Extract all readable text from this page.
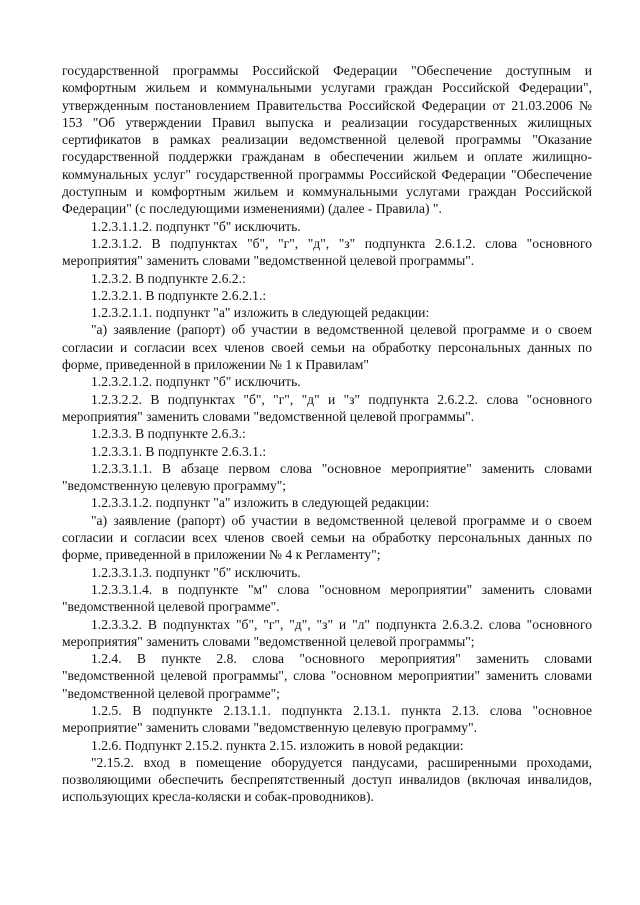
государственной программы Российской Федерации "Обеспечение доступным и комфортным жильем и коммунальными услугами граждан Российской Федерации", утвержденным постановлением Правительства Российской Федерации от 21.03.2006 № 153 "Об утверждении Правил выпуска и реализации государственных жилищных сертификатов в рамках реализации ведомственной целевой программы "Оказание государственной поддержки гражданам в обеспечении жильем и оплате жилищно-коммунальных услуг" государственной программы Российской Федерации "Обеспечение доступным и комфортным жильем и коммунальными услугами граждан Российской Федерации" (с последующими изменениями) (далее - Правила) ".

1.2.3.1.1.2. подпункт "б" исключить.

1.2.3.1.2. В подпунктах "б", "г", "д", "з" подпункта 2.6.1.2. слова "основного мероприятия" заменить словами "ведомственной целевой программы".

1.2.3.2. В подпункте 2.6.2.:

1.2.3.2.1. В подпункте 2.6.2.1.:

1.2.3.2.1.1. подпункт "а" изложить в следующей редакции:

"а) заявление (рапорт) об участии в ведомственной целевой программе и о своем согласии и согласии всех членов своей семьи на обработку персональных данных по форме, приведенной в приложении № 1 к Правилам"

1.2.3.2.1.2. подпункт "б" исключить.

1.2.3.2.2. В подпунктах "б", "г", "д" и "з" подпункта 2.6.2.2. слова "основного мероприятия" заменить словами "ведомственной целевой программы".

1.2.3.3. В подпункте 2.6.3.:

1.2.3.3.1. В подпункте 2.6.3.1.:

1.2.3.3.1.1. В абзаце первом слова "основное мероприятие" заменить словами "ведомственную целевую программу";

1.2.3.3.1.2. подпункт "а" изложить в следующей редакции:

"а) заявление (рапорт) об участии в ведомственной целевой программе и о своем согласии и согласии всех членов своей семьи на обработку персональных данных по форме, приведенной в приложении № 4 к Регламенту";

1.2.3.3.1.3. подпункт "б" исключить.

1.2.3.3.1.4. в подпункте "м" слова "основном мероприятии" заменить словами "ведомственной целевой программе".

1.2.3.3.2. В подпунктах "б", "г", "д", "з" и "л" подпункта 2.6.3.2. слова "основного мероприятия" заменить словами "ведомственной целевой программы";

1.2.4. В пункте 2.8. слова "основного мероприятия" заменить словами "ведомственной целевой программы", слова "основном мероприятии" заменить словами "ведомственной целевой программе";

1.2.5. В подпункте 2.13.1.1. подпункта 2.13.1. пункта 2.13. слова "основное мероприятие" заменить словами "ведомственную целевую программу".

1.2.6. Подпункт 2.15.2. пункта 2.15. изложить в новой редакции:

"2.15.2. вход в помещение оборудуется пандусами, расширенными проходами, позволяющими обеспечить беспрепятственный доступ инвалидов (включая инвалидов, использующих кресла-коляски и собак-проводников).
